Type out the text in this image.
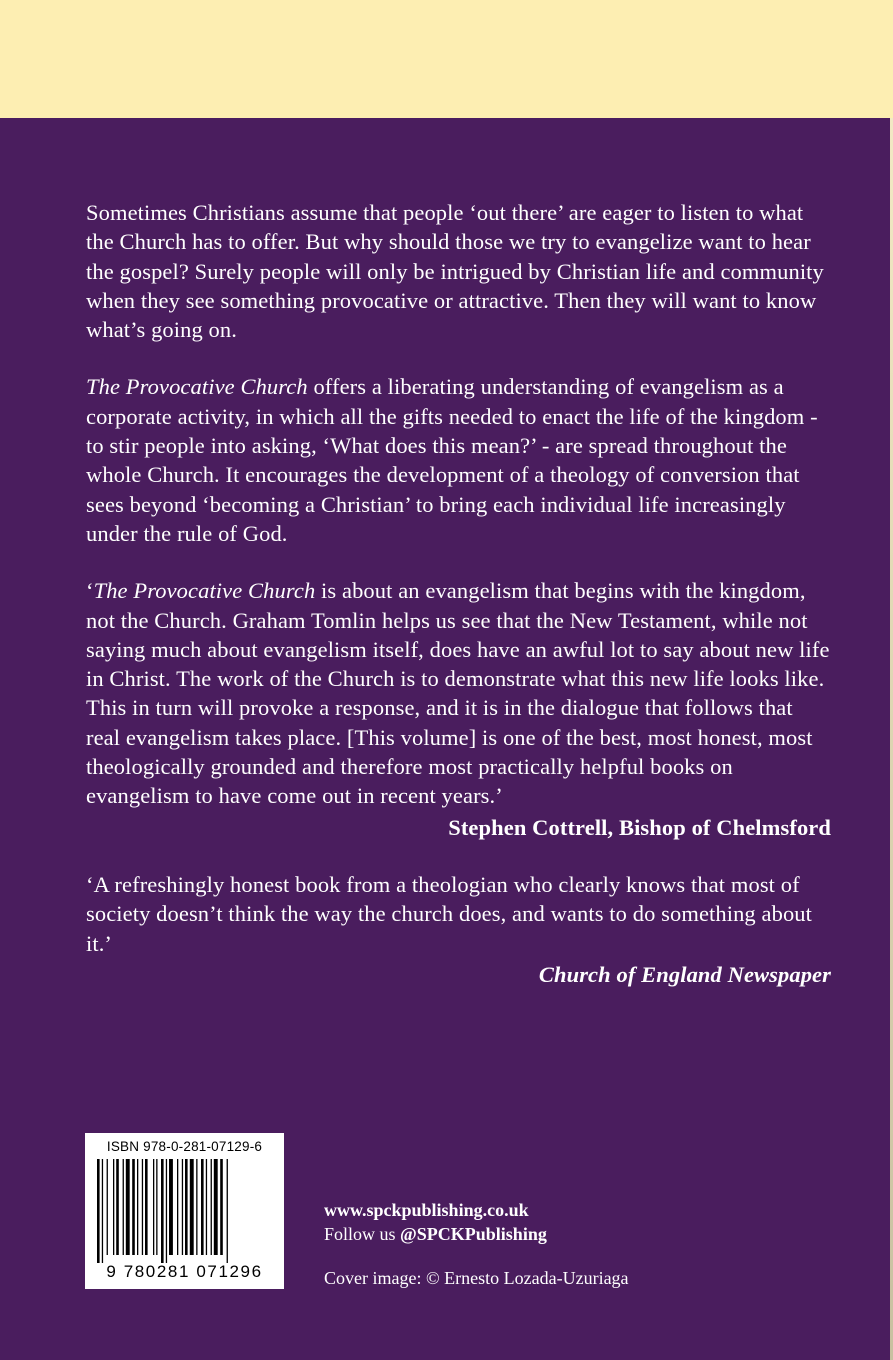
Sometimes Christians assume that people ‘out there’ are eager to listen to what the Church has to offer. But why should those we try to evangelize want to hear the gospel? Surely people will only be intrigued by Christian life and community when they see something provocative or attractive. Then they will want to know what’s going on.

The Provocative Church offers a liberating understanding of evangelism as a corporate activity, in which all the gifts needed to enact the life of the kingdom - to stir people into asking, ‘What does this mean?’ - are spread throughout the whole Church. It encourages the development of a theology of conversion that sees beyond ‘becoming a Christian’ to bring each individual life increasingly under the rule of God.

‘The Provocative Church is about an evangelism that begins with the kingdom, not the Church. Graham Tomlin helps us see that the New Testament, while not saying much about evangelism itself, does have an awful lot to say about new life in Christ. The work of the Church is to demonstrate what this new life looks like. This in turn will provoke a response, and it is in the dialogue that follows that real evangelism takes place. [This volume] is one of the best, most honest, most theologically grounded and therefore most practically helpful books on evangelism to have come out in recent years.’
Stephen Cottrell, Bishop of Chelmsford
‘A refreshingly honest book from a theologian who clearly knows that most of society doesn’t think the way the church does, and wants to do something about it.’
Church of England Newspaper
ISBN 978-0-281-07129-6
9 780281 071296
www.spckpublishing.co.uk
Follow us @SPCKPublishing
Cover image: © Ernesto Lozada-Uzuriaga
